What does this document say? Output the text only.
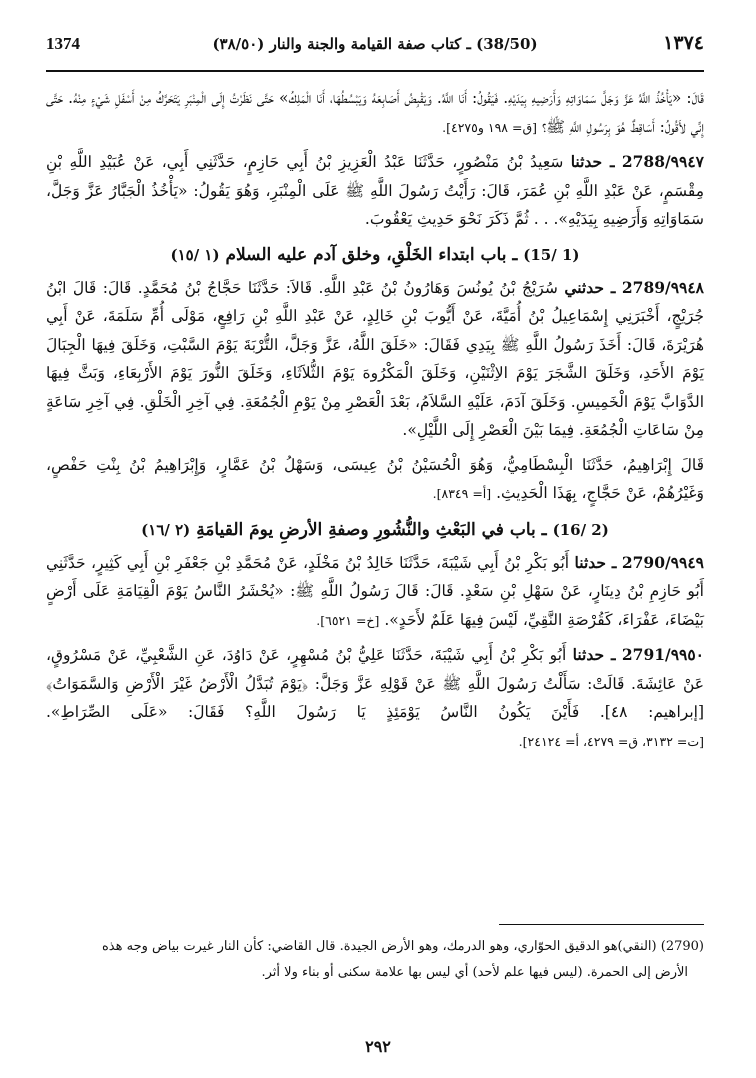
1374	(38/50) ـ كتاب صفة القيامة والجنة والنار (٣٨/٥٠)	١٣٧٤

قَالَ: «يَأْخُذُ اللَّهُ عَزَّ وَجَلَّ سَمَاوَاتِهِ وَأَرَضِيهِ بِيَدَيْهِ. فَيَقُولُ: أَنَا اللَّهُ. وَيَقْبِضُ أَصَابِعَهُ وَيَبْسُطُهَا، أَنَا الْمَلِكُ» حَتَّى نَظَرْتُ إِلَى الْمِنْبَرِ يَتَحَرَّكُ مِنْ أَسْفَلِ شَيْءٍ مِنْهُ. حَتَّى إِنِّي لأَقُولُ: أَسَاقِطٌ هُوَ بِرَسُولِ اللَّهِ ﷺ؟ [ق= ١٩٨ و٤٢٧٥].

٩٩٤٧/2788 ـ حدثنا سَعِيدُ بْنُ مَنْصُورٍ، حَدَّثَنَا عَبْدُ الْعَزِيزِ بْنُ أَبِي حَازِمٍ، حَدَّثَنِي أَبِي، عَنْ عُبَيْدِ اللَّهِ بْنِ مِقْسَمٍ، عَنْ عَبْدِ اللَّهِ بْنِ عُمَرَ، قَالَ: رَأَيْتُ رَسُولَ اللَّهِ ﷺ عَلَى الْمِنْبَرِ، وَهُوَ يَقُولُ: «يَأْخُذُ الْجَبَّارُ عَزَّ وَجَلَّ، سَمَاوَاتِهِ وَأَرَضِيهِ بِيَدَيْهِ». . . ثُمَّ ذَكَرَ نَحْوَ حَدِيثِ يَعْقُوبَ.

(1 /15) ـ باب ابتداء الخَلْقِ، وخلق آدم عليه السلام (١ /١٥)

٩٩٤٨/2789 ـ حدثني سُرَيْجُ بْنُ يُونُسَ وَهَارُونُ بْنُ عَبْدِ اللَّهِ. قَالاَ: حَدَّثَنَا حَجَّاجُ بْنُ مُحَمَّدٍ. قَالَ: قَالَ ابْنُ جُرَيْجٍ، أَخْبَرَنِي إِسْمَاعِيلُ بْنُ أُمَيَّةَ، عَنْ أَيُّوبَ بْنِ خَالِدٍ، عَنْ عَبْدِ اللَّهِ بْنِ رَافِعٍ، مَوْلَى أُمِّ سَلَمَةَ، عَنْ أَبِي هُرَيْرَةَ، قَالَ: أَخَذَ رَسُولُ اللَّهِ ﷺ بِيَدِي فَقَالَ: «خَلَقَ اللَّهُ، عَزَّ وَجَلَّ، التُّرْبَةَ يَوْمَ السَّبْتِ، وَخَلَقَ فِيهَا الْجِبَالَ يَوْمَ الأَحَدِ، وَخَلَقَ الشَّجَرَ يَوْمَ الاِثْنَيْنِ، وَخَلَقَ الْمَكْرُوهَ يَوْمَ الثُّلاَثَاءِ، وَخَلَقَ النُّورَ يَوْمَ الأَرْبِعَاءِ، وَبَثَّ فِيهَا الدَّوَابَّ يَوْمَ الْخَمِيسِ. وَخَلَقَ آدَمَ، عَلَيْهِ السَّلاَمُ، بَعْدَ الْعَصْرِ مِنْ يَوْمِ الْجُمُعَةِ. فِي آخِرِ الْخَلْقِ. فِي آخِرِ سَاعَةٍ مِنْ سَاعَاتِ الْجُمُعَةِ. فِيمَا بَيْنَ الْعَصْرِ إِلَى اللَّيْلِ».

قَالَ إِبْرَاهِيمُ، حَدَّثَنَا الْبِسْطَامِيُّ، وَهُوَ الْحُسَيْنُ بْنُ عِيسَى، وَسَهْلُ بْنُ عَمَّارٍ، وَإِبْرَاهِيمُ بْنُ بِنْتِ حَفْصٍ، وَغَيْرُهُمْ، عَنْ حَجَّاجٍ، بِهَذَا الْحَدِيثِ. [أ= ٨٣٤٩].

(2 /16) ـ باب في البَعْثِ والنُّشُورِ وصفةِ الأرضِ يومَ القيامَةِ (٢ /١٦)

٩٩٤٩/2790 ـ حدثنا أَبُو بَكْرِ بْنُ أَبِي شَيْبَةَ، حَدَّثَنَا خَالِدُ بْنُ مَخْلَدٍ، عَنْ مُحَمَّدِ بْنِ جَعْفَرِ بْنِ أَبِي كَثِيرٍ، حَدَّثَنِي أَبُو حَازِمِ بْنُ دِينَارٍ، عَنْ سَهْلِ بْنِ سَعْدٍ. قَالَ: قَالَ رَسُولُ اللَّهِ ﷺ: «يُحْشَرُ النَّاسُ يَوْمَ الْقِيَامَةِ عَلَى أَرْضٍ بَيْضَاءَ، عَفْرَاءَ، كَقُرْصَةِ النَّقِيِّ، لَيْسَ فِيهَا عَلَمٌ لأَحَدٍ». [خ= ٦٥٢١].

٩٩٥٠/2791 ـ حدثنا أَبُو بَكْرِ بْنُ أَبِي شَيْبَةَ، حَدَّثَنَا عَلِيُّ بْنُ مُسْهِرٍ، عَنْ دَاوُدَ، عَنِ الشَّعْبِيِّ، عَنْ مَسْرُوقٍ، عَنْ عَائِشَةَ. قَالَتْ: سَأَلْتُ رَسُولَ اللَّهِ ﷺ عَنْ قَوْلِهِ عَزَّ وَجَلَّ: ﴿يَوْمَ تُبَدَّلُ الْأَرْضُ غَيْرَ الْأَرْضِ وَالسَّمَوَاتُ﴾ [إبراهيم: ٤٨]. فَأَيْنَ يَكُونُ النَّاسُ يَوْمَئِذٍ يَا رَسُولَ اللَّهِ؟ فَقَالَ: «عَلَى الصِّرَاطِ». [ت= ٣١٣٢، ق= ٤٢٧٩، أ= ٢٤١٢٤].

(2790) (النقي)هو الدقيق الحوّاري، وهو الدرمك، وهو الأرض الجيدة. قال القاضي: كأن النار غيرت بياض وجه هذه

الأرض إلى الحمرة. (ليس فيها علم لأحد) أي ليس بها علامة سكنى أو بناء ولا أثر.

٢٩٢
